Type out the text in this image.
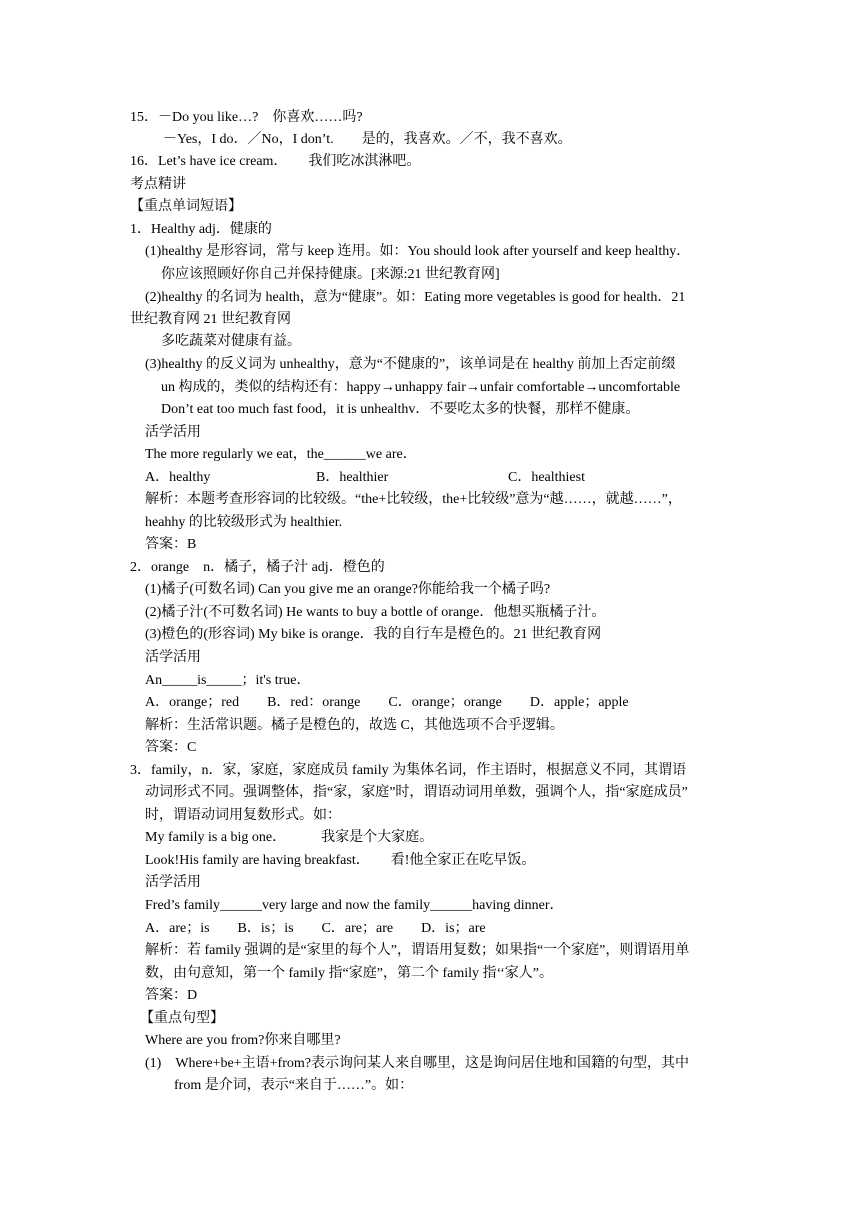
15．－Do you like…?　你喜欢……吗?
－Yes，I do．／No，I don’t.　　是的，我喜欢。／不，我不喜欢。
16．Let’s have ice cream．　　我们吃冰淇淋吧。
考点精讲
【重点单词短语】
1．Healthy adj．健康的
(1)healthy 是形容词，常与 keep 连用。如：You should look after yourself and keep healthy．
你应该照顾好你自己并保持健康。[来源:21 世纪教育网]
(2)healthy 的名词为 health，意为“健康”。如：Eating more vegetables is good for health．21
世纪教育网 21 世纪教育网
多吃蔬菜对健康有益。
(3)healthy 的反义词为 unhealthy，意为“不健康的”，该单词是在 healthy 前加上否定前缀
un 构成的，类似的结构还有：happy→unhappy fair→unfair comfortable→uncomfortable
Don’t eat too much fast food，it is unhealthv．不要吃太多的快餐，那样不健康。
活学活用
The more regularly we eat，the______we are．
A．healthy	B．healthier	C．healthiest
解析：本题考查形容词的比较级。“the+比较级，the+比较级”意为“越……，就越……”，
heahhy 的比较级形式为 healthier.
答案：B
2．orange　n．橘子，橘子汁 adj．橙色的
(1)橘子(可数名词) Can you give me an orange?你能给我一个橘子吗?
(2)橘子汁(不可数名词) He wants to buy a bottle of orange．他想买瓶橘子汁。
(3)橙色的(形容词) My bike is orange．我的自行车是橙色的。21 世纪教育网
活学活用
An_____is_____；it's true．
A．orange；red　　B．red：orange　　C．orange；orange　　D．apple；apple
解析：生活常识题。橘子是橙色的，故选 C，其他选项不合乎逻辑。
答案：C
3．family，n．家，家庭，家庭成员 family 为集体名词，作主语时，根据意义不同，其谓语
动词形式不同。强调整体，指“家，家庭”时，谓语动词用单数，强调个人，指“家庭成员”
时，谓语动词用复数形式。如：
My family is a big one．　　　我家是个大家庭。
Look!His family are having breakfast．　　看!他全家正在吃早饭。
活学活用
Fred’s family______very large and now the family______having dinner．
A．are；is　　B．is；is　　C．are；are　　D．is；are
解析：若 family 强调的是“家里的每个人”，谓语用复数；如果指“一个家庭”，则谓语用单
数，由句意知，第一个 family 指“家庭”，第二个 family 指‘‘家人”。
答案：D
【重点句型】
Where are you from?你来自哪里?
(1)　Where+be+主语+from?表示询问某人来自哪里，这是询问居住地和国籍的句型，其中
from 是介词，表示“来自于……”。如：
